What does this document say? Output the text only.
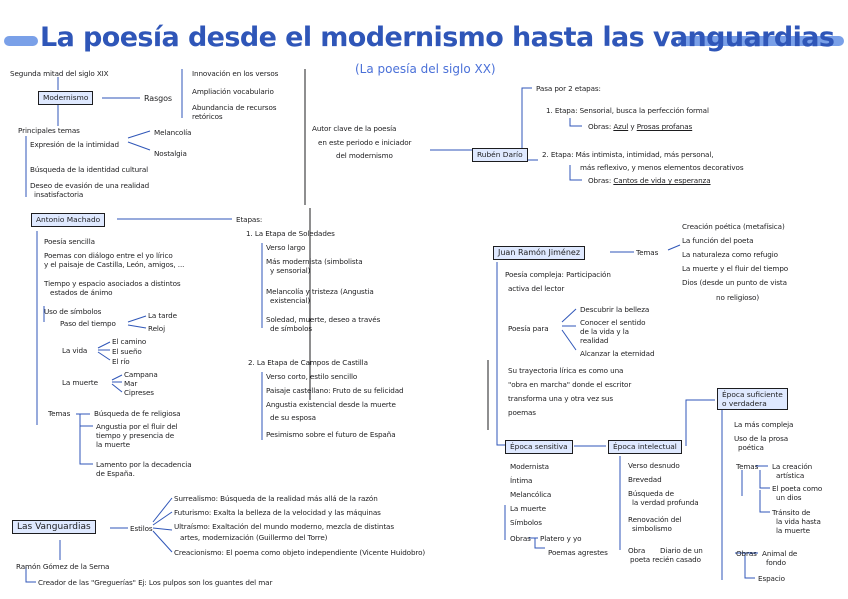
La poesía desde el modernismo hasta las vanguardias
(La poesía del siglo XX)
Segunda mitad del siglo XIX
Modernismo	Rasgos
Innovación en los versos
Ampliación vocabulario
Abundancia de recursos
retóricos
Principales temas
Expresión de la intimidad
Melancolía
Nostalgia
Búsqueda de la identidad cultural
Deseo de evasión de una realidad
insatisfactoria
Autor clave de la poesía
en este periodo e iniciador
del modernismo	Rubén Darío
Pasa por 2 etapas:
1. Etapa: Sensorial, busca la perfección formal
Obras: Azul y Prosas profanas
2. Etapa: Más intimista, intimidad, más personal,
más reflexivo, y menos elementos decorativos
Obras: Cantos de vida y esperanza
Antonio Machado
Poesía sencilla
Poemas con diálogo entre el yo lírico
y el paisaje de Castilla, León, amigos, ...
Tiempo y espacio asociados a distintos
estados de ánimo
Uso de símbolos
Paso del tiempo
La tarde
Reloj
La vida
El camino
El sueño
El río
La muerte
Campana
Mar
Cipreses
Temas	Búsqueda de fe religiosa
Angustia por el fluir del
tiempo y presencia de
la muerte
Lamento por la decadencia
de España.
Etapas:
1. La Etapa de Soledades
Verso largo
Más modernista (simbolista
y sensorial)
Melancolía y tristeza (Angustia
existencial)
Soledad, muerte, deseo a través
de símbolos
2. La Etapa de Campos de Castilla
Verso corto, estilo sencillo
Paisaje castellano: Fruto de su felicidad
Angustia existencial desde la muerte
de su esposa
Pesimismo sobre el futuro de España
Juan Ramón Jiménez	Temas
Creación poética (metafísica)
La función del poeta
La naturaleza como refugio
La muerte y el fluir del tiempo
Dios (desde un punto de vista
no religioso)
Poesía compleja: Participación
activa del lector
Poesía para
Descubrir la belleza
Conocer el sentido
de la vida y la
realidad
Alcanzar la eternidad
Su trayectoria lírica es como una
"obra en marcha" donde el escritor
transforma una y otra vez sus
poemas
Época sensitiva
Modernista
Íntima
Melancólica
La muerte
Símbolos
Obras Platero y yo
Poemas agrestes
Época intelectual
Verso desnudo
Brevedad
Búsqueda de
la verdad profunda
Renovación del
simbolismo
Obra Diario de un
poeta recién casado
Época suficiente
o verdadera
La más compleja
Uso de la prosa
poética
Temas La creación
artística
El poeta como
un dios
Tránsito de
la vida hasta
la muerte
Obras Animal de
fondo
Espacio
Las Vanguardias	Estilos
Surrealismo: Búsqueda de la realidad más allá de la razón
Futurismo: Exalta la belleza de la velocidad y las máquinas
Ultraísmo: Exaltación del mundo moderno, mezcla de distintas
artes, modernización (Guillermo del Torre)
Creacionismo: El poema como objeto independiente (Vicente Huidobro)
Ramón Gómez de la Serna
Creador de las "Greguerías" Ej: Los pulpos son los guantes del mar
